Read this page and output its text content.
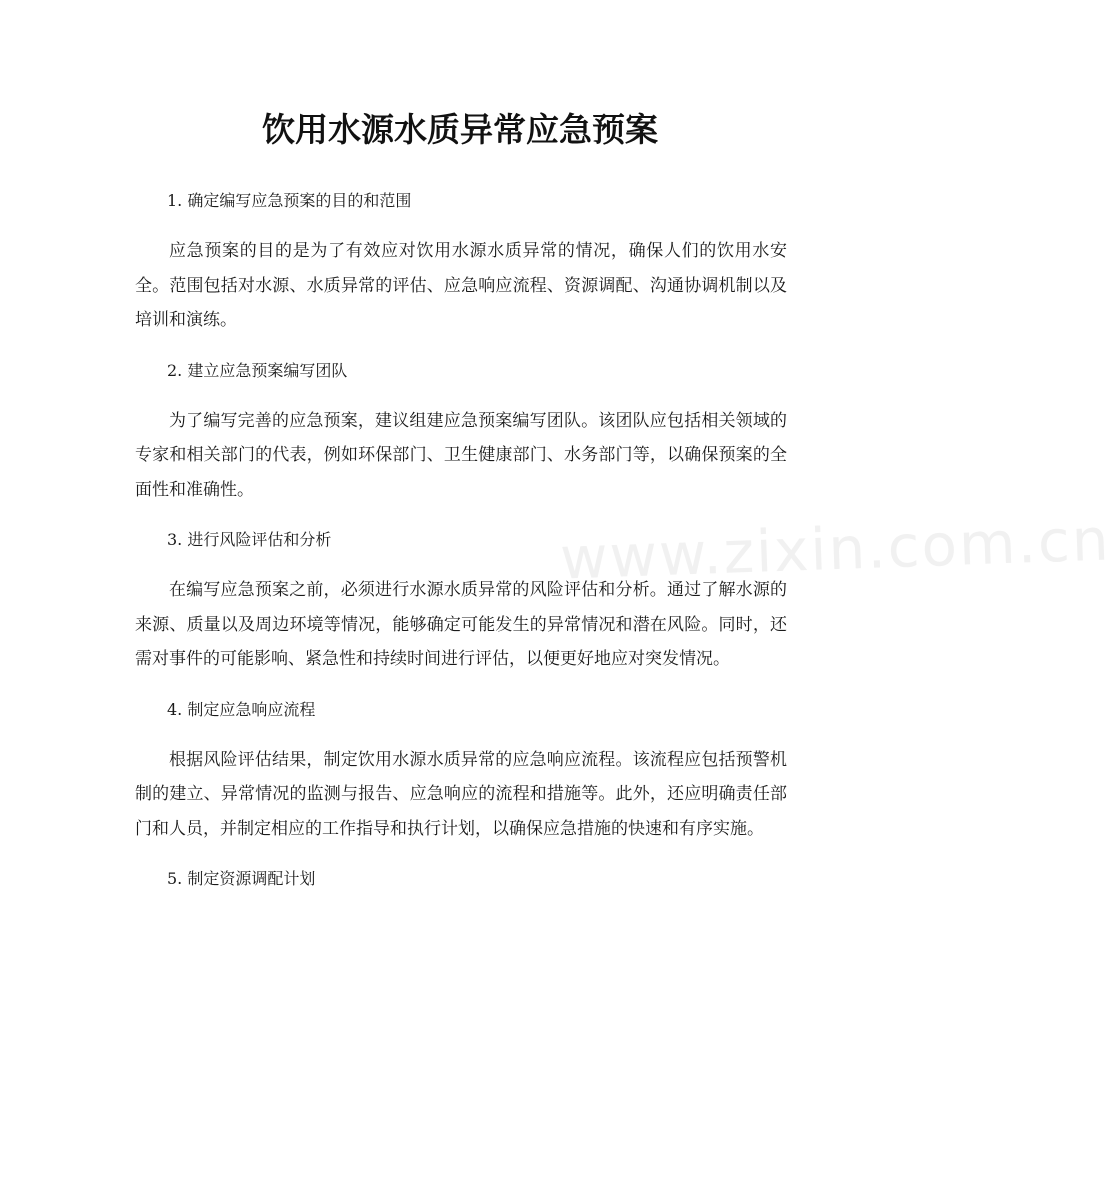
饮用水源水质异常应急预案

1. 确定编写应急预案的目的和范围

应急预案的目的是为了有效应对饮用水源水质异常的情况，确保人们的饮用水安全。范围包括对水源、水质异常的评估、应急响应流程、资源调配、沟通协调机制以及培训和演练。

2. 建立应急预案编写团队

为了编写完善的应急预案，建议组建应急预案编写团队。该团队应包括相关领域的专家和相关部门的代表，例如环保部门、卫生健康部门、水务部门等，以确保预案的全面性和准确性。

3. 进行风险评估和分析

在编写应急预案之前，必须进行水源水质异常的风险评估和分析。通过了解水源的来源、质量以及周边环境等情况，能够确定可能发生的异常情况和潜在风险。同时，还需对事件的可能影响、紧急性和持续时间进行评估，以便更好地应对突发情况。

4. 制定应急响应流程

根据风险评估结果，制定饮用水源水质异常的应急响应流程。该流程应包括预警机制的建立、异常情况的监测与报告、应急响应的流程和措施等。此外，还应明确责任部门和人员，并制定相应的工作指导和执行计划，以确保应急措施的快速和有序实施。

5. 制定资源调配计划

www.zixin.com.cn
